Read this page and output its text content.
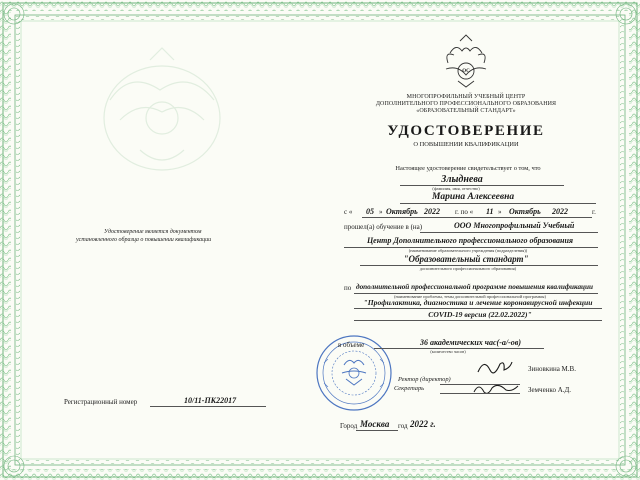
ОС
МНОГОПРОФИЛЬНЫЙ УЧЕБНЫЙ ЦЕНТР
ДОПОЛНИТЕЛЬНОГО ПРОФЕССИОНАЛЬНОГО ОБРАЗОВАНИЯ
«ОБРАЗОВАТЕЛЬНЫЙ СТАНДАРТ»
УДОСТОВЕРЕНИЕ
О ПОВЫШЕНИИ КВАЛИФИКАЦИИ
Удостоверение является документом
установленного образца о повышении квалификации
Настоящее удостоверение свидетельствует о том, что
Злыднева
(фамилия, имя, отчество)
Марина Алексеевна
с « 05 » Октябрь 2022 г. по « 11 » Октябрь 2022	г.
прошел(а) обучение в (на)	ООО Многопрофильный Учебный
Центр Дополнительного профессионального образования
(наименование образовательного учреждения (подразделения))
"Образовательный стандарт"
дополнительного профессионального образования)
по дополнительной профессиональной программе повышения квалификации
(наименование проблемы, темы дополнительной профессиональной программы)
"Профилактика, диагностика и лечение коронавирусной инфекции
COVID-19 версия (22.02.2022)"
в объеме	36 академических час(-а/-ов)
(количество часов)
Ректор (директор)
Зиновкина М.В.
Секретарь	Земченко А.Д.
Регистрационный номер	10/11-ПК22017
Город Москва год 2022 г.
